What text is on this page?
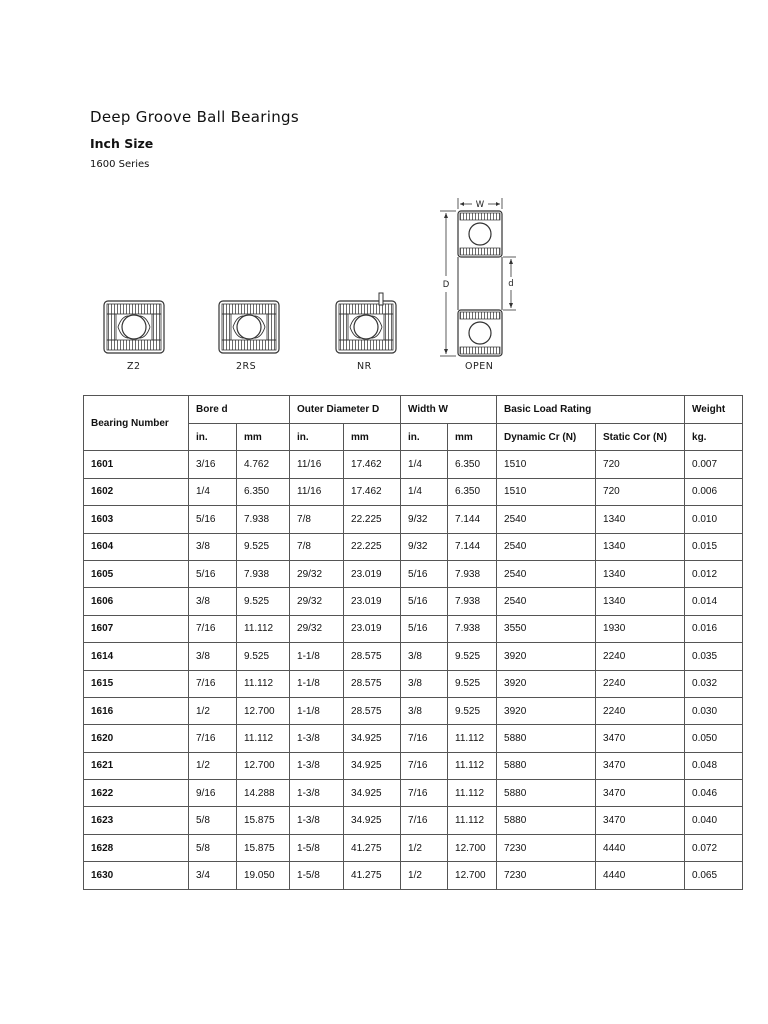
Deep Groove Ball Bearings
Inch Size
1600 Series
W
D	d
Z2	2RS	NR	OPEN
Bearing Number	Bore d		Outer Diameter D		Width W		Basic Load Rating		Weight
	in.	mm	in.	mm	in.	mm	Dynamic Cr (N)	Static Cor (N)	kg.
1601	3/16	4.762	11/16	17.462	1/4	6.350	1510	720	0.007
1602	1/4	6.350	11/16	17.462	1/4	6.350	1510	720	0.006
1603	5/16	7.938	7/8	22.225	9/32	7.144	2540	1340	0.010
1604	3/8	9.525	7/8	22.225	9/32	7.144	2540	1340	0.015
1605	5/16	7.938	29/32	23.019	5/16	7.938	2540	1340	0.012
1606	3/8	9.525	29/32	23.019	5/16	7.938	2540	1340	0.014
1607	7/16	11.112	29/32	23.019	5/16	7.938	3550	1930	0.016
1614	3/8	9.525	1-1/8	28.575	3/8	9.525	3920	2240	0.035
1615	7/16	11.112	1-1/8	28.575	3/8	9.525	3920	2240	0.032
1616	1/2	12.700	1-1/8	28.575	3/8	9.525	3920	2240	0.030
1620	7/16	11.112	1-3/8	34.925	7/16	11.112	5880	3470	0.050
1621	1/2	12.700	1-3/8	34.925	7/16	11.112	5880	3470	0.048
1622	9/16	14.288	1-3/8	34.925	7/16	11.112	5880	3470	0.046
1623	5/8	15.875	1-3/8	34.925	7/16	11.112	5880	3470	0.040
1628	5/8	15.875	1-5/8	41.275	1/2	12.700	7230	4440	0.072
1630	3/4	19.050	1-5/8	41.275	1/2	12.700	7230	4440	0.065
